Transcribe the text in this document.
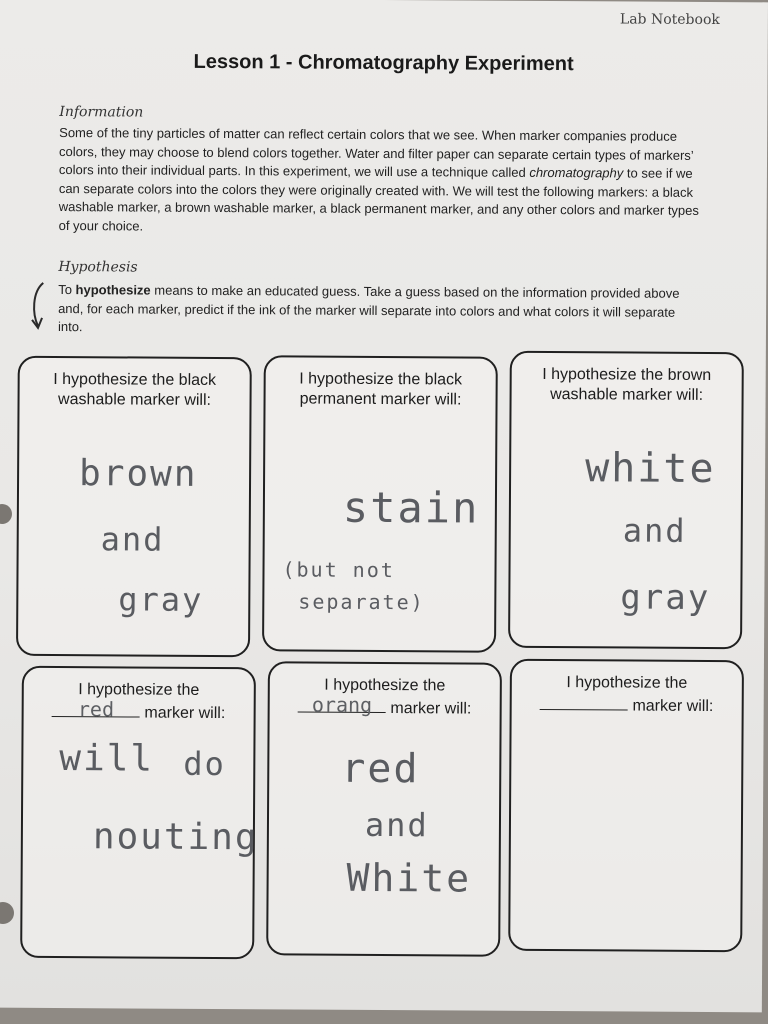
Lab Notebook
Lesson 1 - Chromatography Experiment
Information
Some of the tiny particles of matter can reflect certain colors that we see. When marker companies produce colors, they may choose to blend colors together. Water and filter paper can separate certain types of markers’ colors into their individual parts. In this experiment, we will use a technique called chromatography to see if we can separate colors into the colors they were originally created with. We will test the following markers: a black washable marker, a brown washable marker, a black permanent marker, and any other colors and marker types of your choice.
Hypothesis
To hypothesize means to make an educated guess. Take a guess based on the information provided above and, for each marker, predict if the ink of the marker will separate into colors and what colors it will separate into.
I hypothesize the black
washable marker will:
brown
and
gray
I hypothesize the black
permanent marker will:
stain
(but not
separate)
I hypothesize the brown
washable marker will:
white
and
gray
I hypothesize the
red	marker will:
will do
nouting
I hypothesize the
orang	marker will:
red
and
White
I hypothesize the
marker will:
